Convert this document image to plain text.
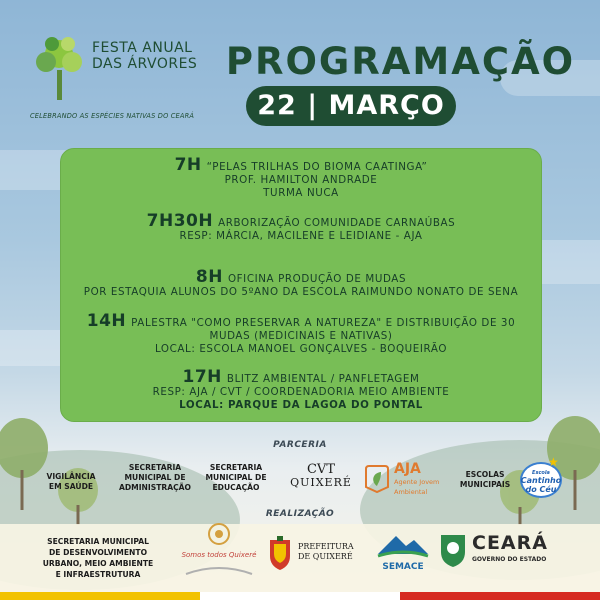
FESTA ANUAL
DAS ÁRVORES
CELEBRANDO AS ESPÉCIES NATIVAS DO CEARÁ
PROGRAMAÇÃO
22 | MARÇO
7H “PELAS TRILHAS DO BIOMA CAATINGA”
PROF. HAMILTON ANDRADE
TURMA NUCA
7H30H ARBORIZAÇÃO COMUNIDADE CARNAÚBAS
RESP: MÁRCIA, MACILENE E LEIDIANE - AJA
8H OFICINA PRODUÇÃO DE MUDAS
POR ESTAQUIA ALUNOS DO 5ºANO DA ESCOLA RAIMUNDO NONATO DE SENA
14H PALESTRA "COMO PRESERVAR A NATUREZA" E DISTRIBUIÇÃO DE 30
MUDAS (MEDICINAIS E NATIVAS)
LOCAL: ESCOLA MANOEL GONÇALVES - BOQUEIRÃO
17H BLITZ AMBIENTAL / PANFLETAGEM
RESP: AJA / CVT / COORDENADORIA MEIO AMBIENTE
LOCAL: PARQUE DA LAGOA DO PONTAL
PARCERIA
VIGILÂNCIA
EM SAÚDE
SECRETARIA
MUNICIPAL DE
ADMINISTRAÇÃO
SECRETARIA
MUNICIPAL DE
EDUCAÇÃO
CVT
QUIXERÉ
AJA
Agente Jovem
Ambiental
ESCOLAS
MUNICIPAIS
★
Escola
Cantinho
do Céu
REALIZAÇÃO
SECRETARIA MUNICIPAL
DE DESENVOLVIMENTO
URBANO, MEIO AMBIENTE
E INFRAESTRUTURA
Somos todos Quixeré
PREFEITURA
DE QUIXERÉ
SEMACE
CEARÁ
GOVERNO DO ESTADO
